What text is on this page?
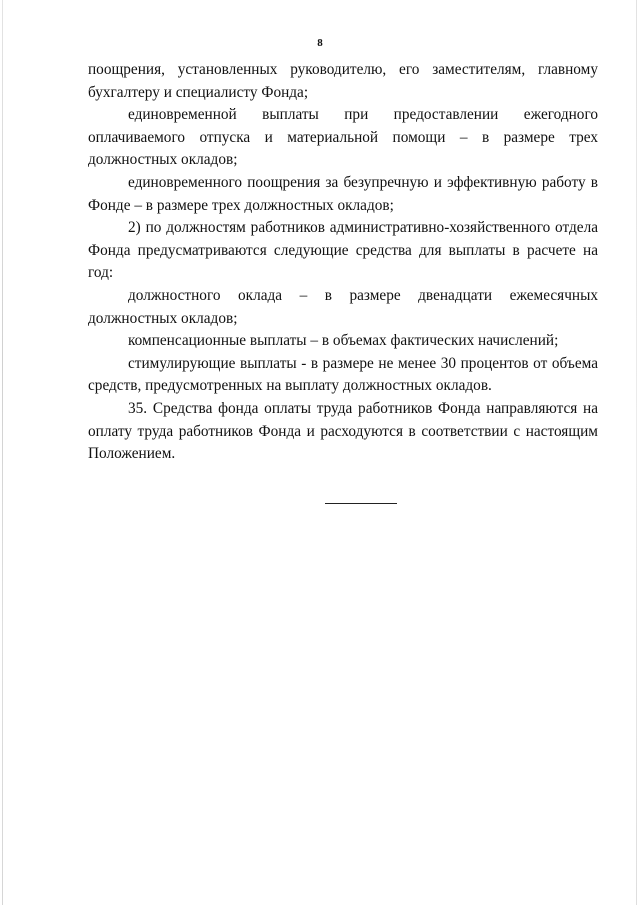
8

поощрения, установленных руководителю, его заместителям, главному бухгалтеру и специалисту Фонда;

единовременной выплаты при предоставлении ежегодного оплачиваемого отпуска и материальной помощи – в размере трех должностных окладов;

единовременного поощрения за безупречную и эффективную работу в Фонде – в размере трех должностных окладов;

2) по должностям работников административно-хозяйственного отдела Фонда предусматриваются следующие средства для выплаты в расчете на год:

должностного оклада – в размере двенадцати ежемесячных должностных окладов;

компенсационные выплаты – в объемах фактических начислений;

стимулирующие выплаты - в размере не менее 30 процентов от объема средств, предусмотренных на выплату должностных окладов.

35. Средства фонда оплаты труда работников Фонда направляются на оплату труда работников Фонда и расходуются в соответствии с настоящим Положением.
